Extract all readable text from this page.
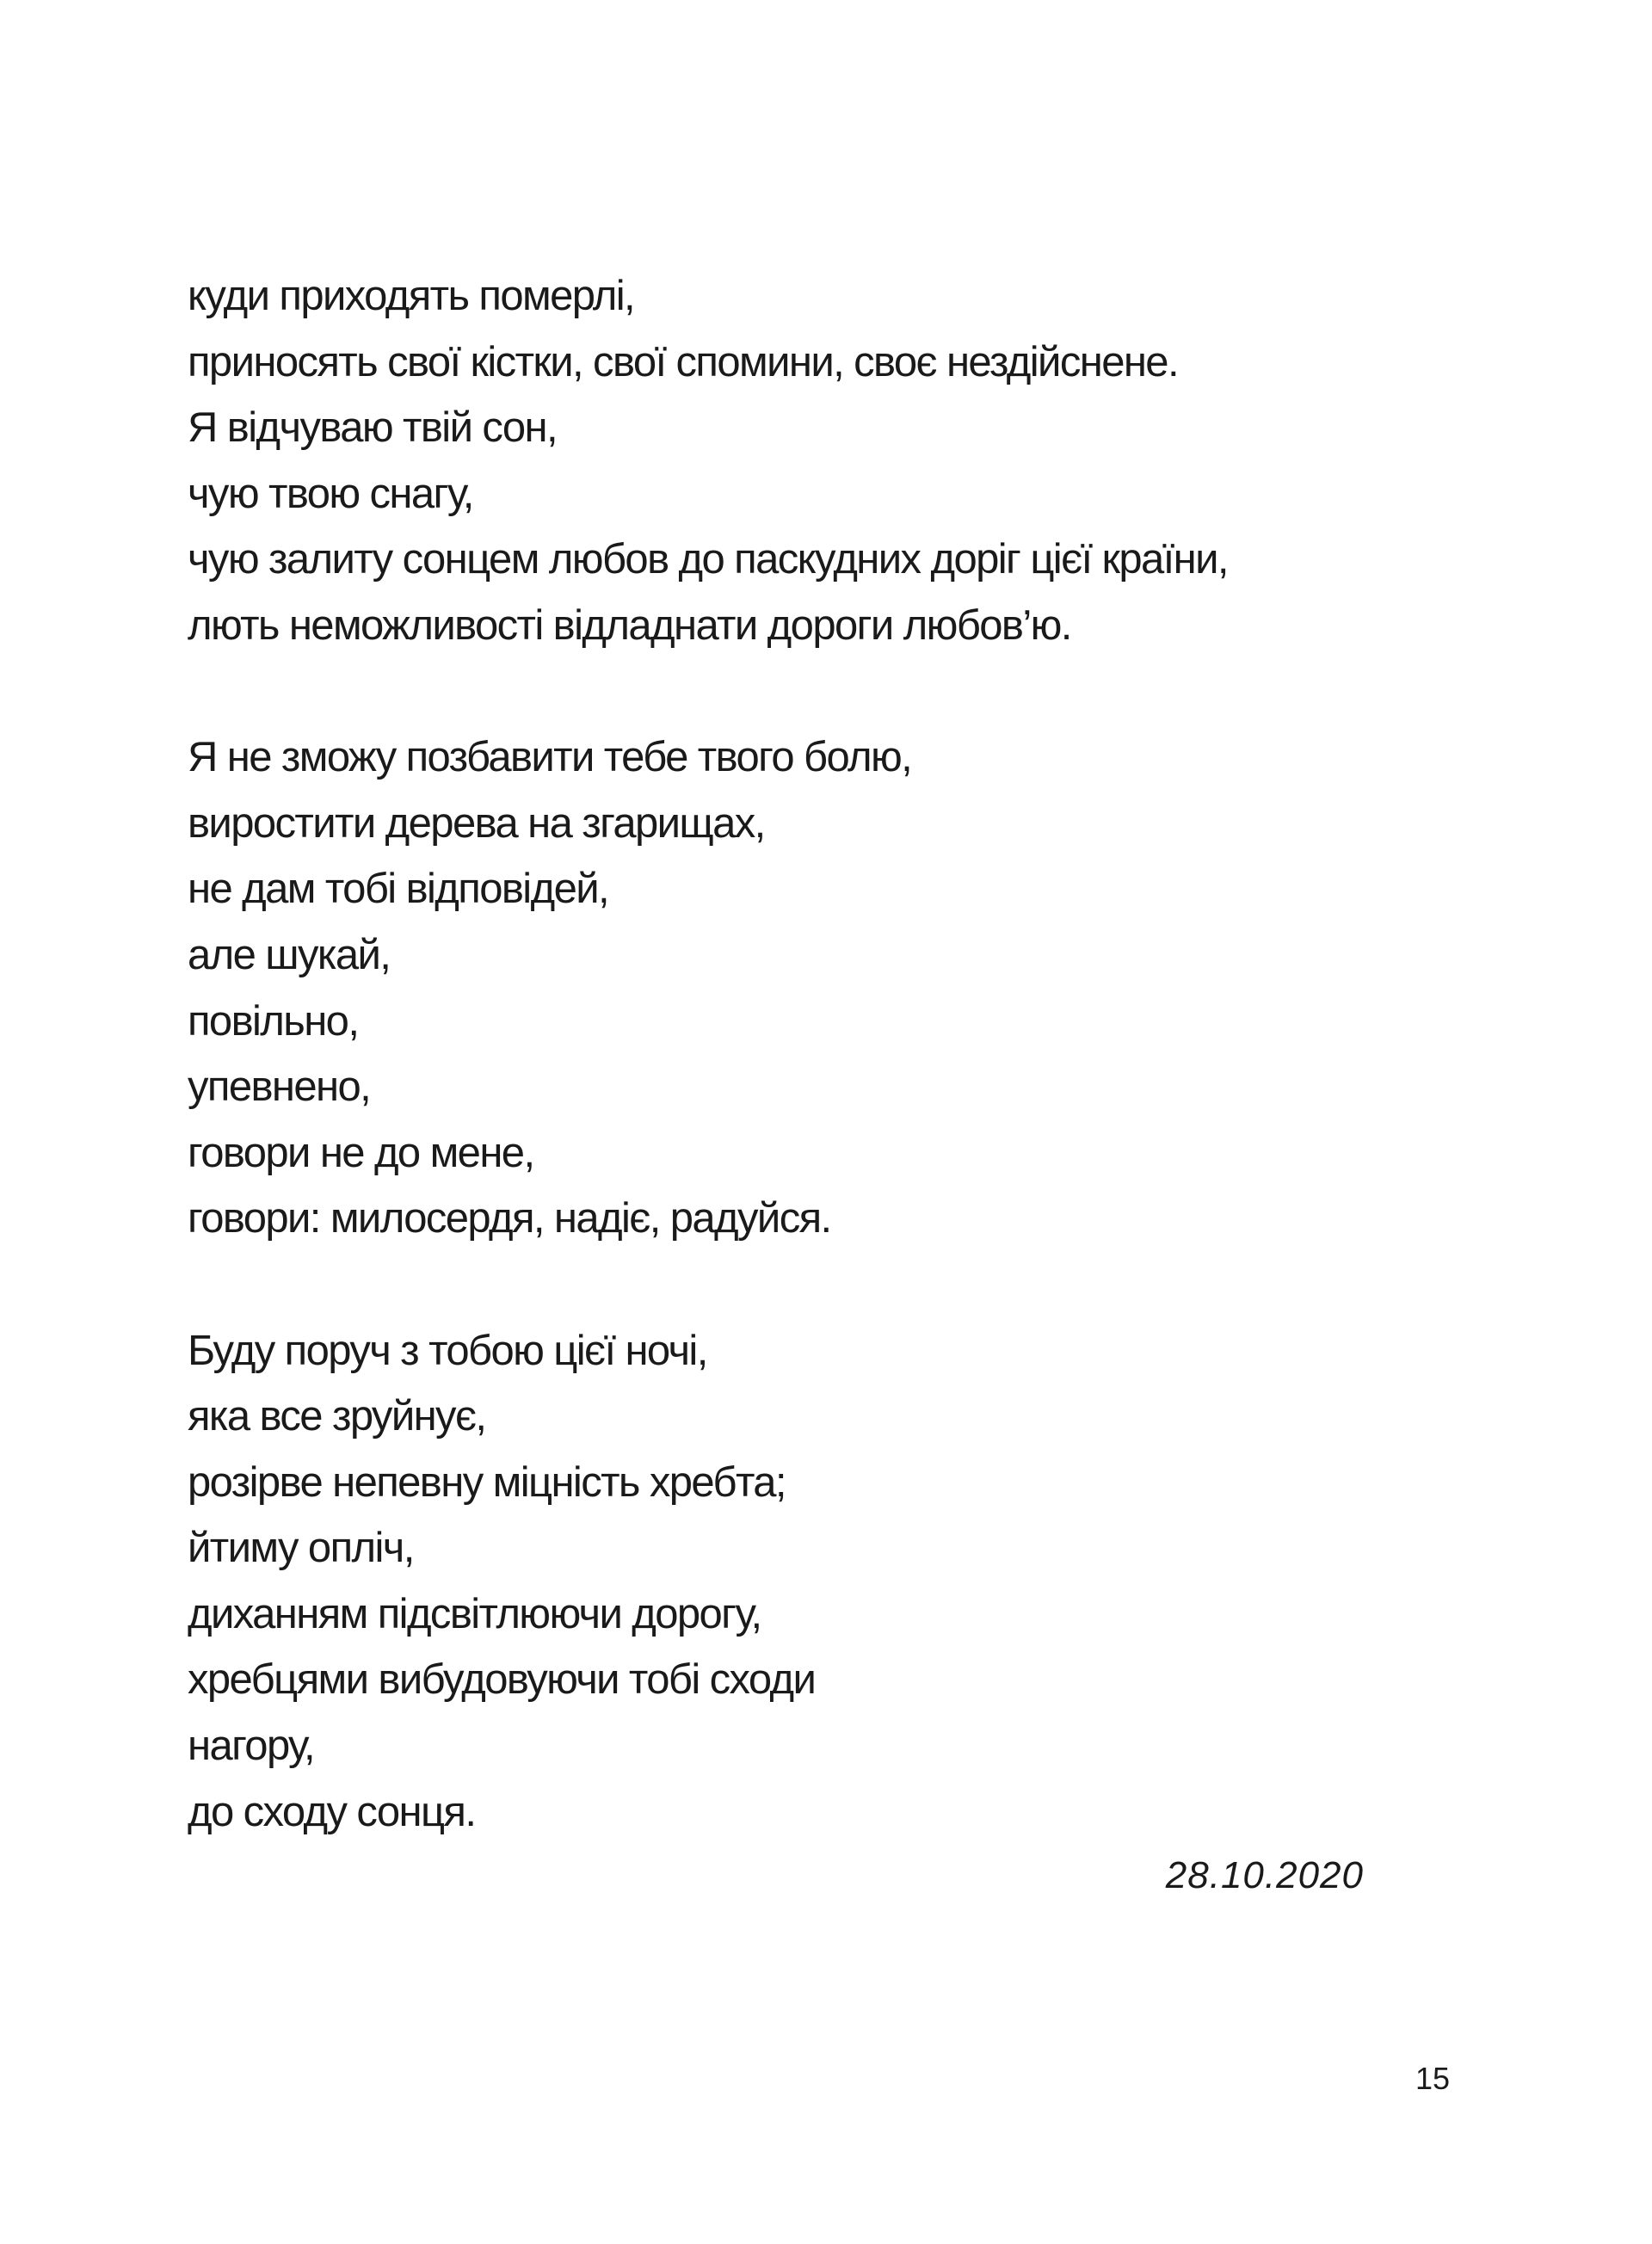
куди приходять померлі,
приносять свої кістки, свої спомини, своє нездійснене.
Я відчуваю твій сон,
чую твою снагу,
чую залиту сонцем любов до паскудних доріг цієї країни,
лють неможливості відладнати дороги любов’ю.
Я не зможу позбавити тебе твого болю,
виростити дерева на згарищах,
не дам тобі відповідей,
але шукай,
повільно,
упевнено,
говори не до мене,
говори: милосердя, надіє, радуйся.
Буду поруч з тобою цієї ночі,
яка все зруйнує,
розірве непевну міцність хребта;
йтиму опліч,
диханням підсвітлюючи дорогу,
хребцями вибудовуючи тобі сходи
нагору,
до сходу сонця.
28.10.2020
15
